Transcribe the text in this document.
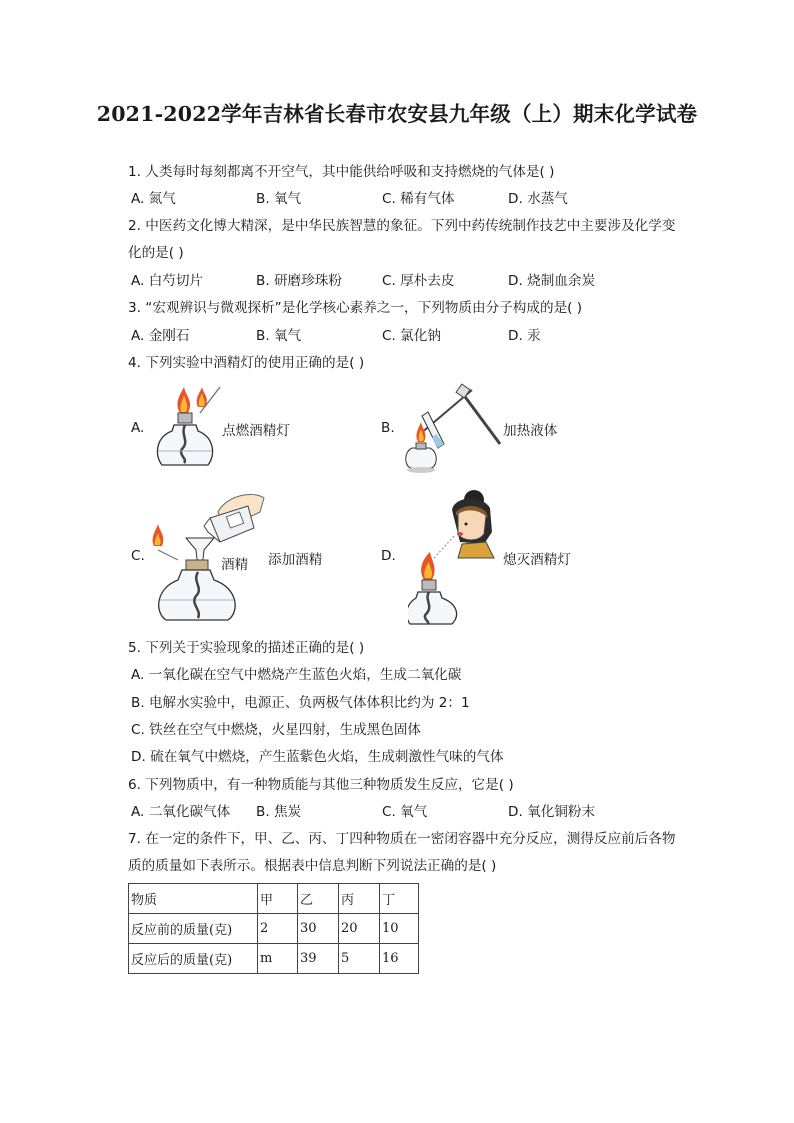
2021-2022学年吉林省长春市农安县九年级（上）期末化学试卷
1. 人类每时每刻都离不开空气，其中能供给呼吸和支持燃烧的气体是( )
A. 氮气	B. 氧气	C. 稀有气体	D. 水蒸气
2. 中医药文化博大精深，是中华民族智慧的象征。下列中药传统制作技艺中主要涉及化学变
化的是( )
A. 白芍切片	B. 研磨珍珠粉	C. 厚朴去皮	D. 烧制血余炭
3. “宏观辨识与微观探析”是化学核心素养之一，下列物质由分子构成的是( )
A. 金刚石	B. 氧气	C. 氯化钠	D. 汞
4. 下列实验中酒精灯的使用正确的是( )
A.	点燃酒精灯	B.	加热液体
C.
酒精 添加酒精	D.	熄灭酒精灯
5. 下列关于实验现象的描述正确的是( )
A. 一氧化碳在空气中燃烧产生蓝色火焰，生成二氧化碳
B. 电解水实验中，电源正、负两极气体体积比约为 2：1
C. 铁丝在空气中燃烧，火星四射，生成黑色固体
D. 硫在氧气中燃烧，产生蓝紫色火焰，生成刺激性气味的气体
6. 下列物质中，有一种物质能与其他三种物质发生反应，它是( )
A. 二氧化碳气体 B. 焦炭	C. 氧气	D. 氧化铜粉末
7. 在一定的条件下，甲、乙、丙、丁四种物质在一密闭容器中充分反应，测得反应前后各物
质的质量如下表所示。根据表中信息判断下列说法正确的是( )
物质	甲	乙	丙	丁
反应前的质量(克)	2	30	20	10
反应后的质量(克)	m	39	5	16
